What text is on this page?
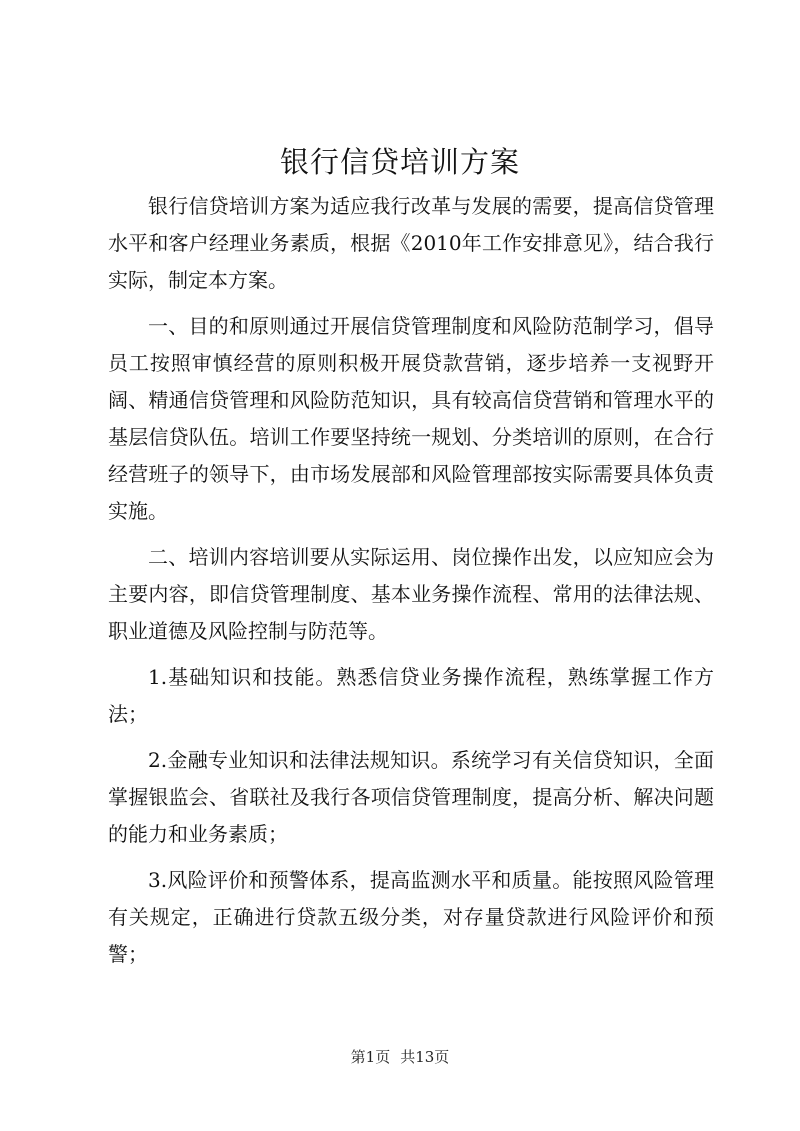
银行信贷培训方案

银行信贷培训方案为适应我行改革与发展的需要，提高信贷管理水平和客户经理业务素质，根据《2010年工作安排意见》，结合我行实际，制定本方案。

一、目的和原则通过开展信贷管理制度和风险防范制学习，倡导员工按照审慎经营的原则积极开展贷款营销，逐步培养一支视野开阔、精通信贷管理和风险防范知识，具有较高信贷营销和管理水平的基层信贷队伍。培训工作要坚持统一规划、分类培训的原则，在合行经营班子的领导下，由市场发展部和风险管理部按实际需要具体负责实施。

二、培训内容培训要从实际运用、岗位操作出发，以应知应会为主要内容，即信贷管理制度、基本业务操作流程、常用的法律法规、职业道德及风险控制与防范等。

1.基础知识和技能。熟悉信贷业务操作流程，熟练掌握工作方法；

2.金融专业知识和法律法规知识。系统学习有关信贷知识，全面掌握银监会、省联社及我行各项信贷管理制度，提高分析、解决问题的能力和业务素质；

3.风险评价和预警体系，提高监测水平和质量。能按照风险管理有关规定，正确进行贷款五级分类，对存量贷款进行风险评价和预警；

第1页 共13页
